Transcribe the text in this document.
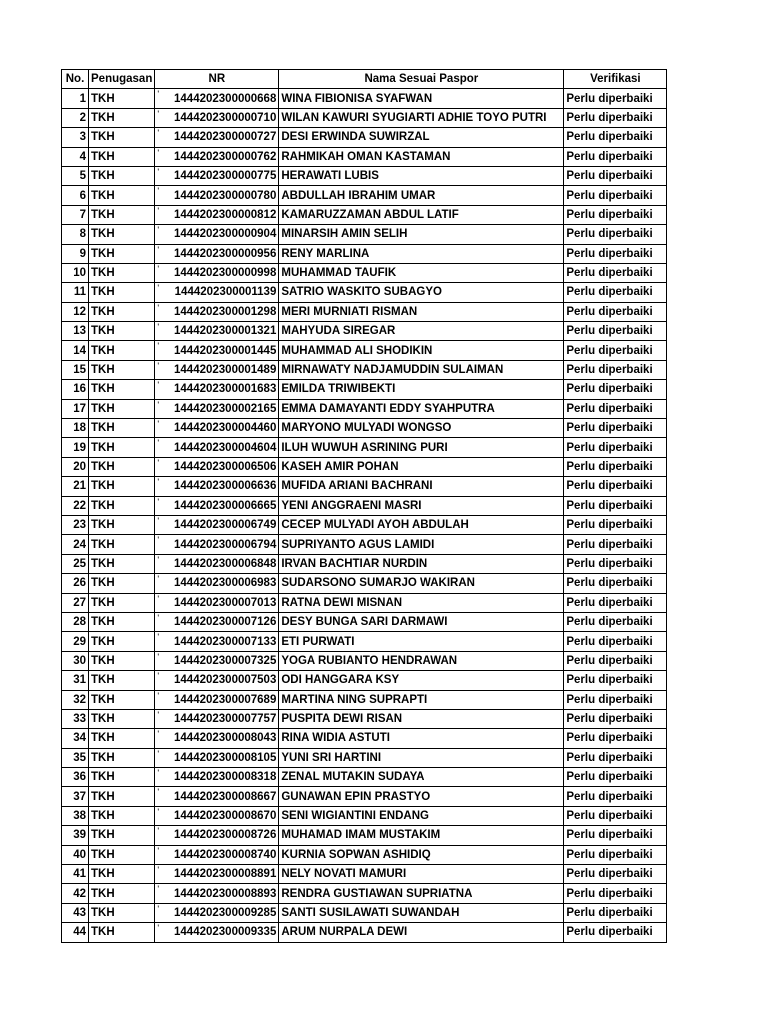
No.	Penugasan	NR	Nama Sesuai Paspor	Verifikasi
1	TKH	' 1444202300000668	WINA FIBIONISA SYAFWAN	Perlu diperbaiki
2	TKH	' 1444202300000710	WILAN KAWURI SYUGIARTI ADHIE TOYO PUTRI	Perlu diperbaiki
3	TKH	' 1444202300000727	DESI ERWINDA SUWIRZAL	Perlu diperbaiki
4	TKH	' 1444202300000762	RAHMIKAH OMAN KASTAMAN	Perlu diperbaiki
5	TKH	' 1444202300000775	HERAWATI LUBIS	Perlu diperbaiki
6	TKH	' 1444202300000780	ABDULLAH IBRAHIM UMAR	Perlu diperbaiki
7	TKH	' 1444202300000812	KAMARUZZAMAN ABDUL LATIF	Perlu diperbaiki
8	TKH	' 1444202300000904	MINARSIH AMIN SELIH	Perlu diperbaiki
9	TKH	' 1444202300000956	RENY MARLINA	Perlu diperbaiki
10	TKH	' 1444202300000998	MUHAMMAD TAUFIK	Perlu diperbaiki
11	TKH	' 1444202300001139	SATRIO WASKITO SUBAGYO	Perlu diperbaiki
12	TKH	' 1444202300001298	MERI MURNIATI RISMAN	Perlu diperbaiki
13	TKH	' 1444202300001321	MAHYUDA SIREGAR	Perlu diperbaiki
14	TKH	' 1444202300001445	MUHAMMAD ALI SHODIKIN	Perlu diperbaiki
15	TKH	' 1444202300001489	MIRNAWATY NADJAMUDDIN SULAIMAN	Perlu diperbaiki
16	TKH	' 1444202300001683	EMILDA TRIWIBEKTI	Perlu diperbaiki
17	TKH	' 1444202300002165	EMMA DAMAYANTI EDDY SYAHPUTRA	Perlu diperbaiki
18	TKH	' 1444202300004460	MARYONO MULYADI WONGSO	Perlu diperbaiki
19	TKH	' 1444202300004604	ILUH WUWUH ASRINING PURI	Perlu diperbaiki
20	TKH	' 1444202300006506	KASEH AMIR POHAN	Perlu diperbaiki
21	TKH	' 1444202300006636	MUFIDA ARIANI BACHRANI	Perlu diperbaiki
22	TKH	' 1444202300006665	YENI ANGGRAENI MASRI	Perlu diperbaiki
23	TKH	' 1444202300006749	CECEP MULYADI AYOH ABDULAH	Perlu diperbaiki
24	TKH	' 1444202300006794	SUPRIYANTO AGUS LAMIDI	Perlu diperbaiki
25	TKH	' 1444202300006848	IRVAN BACHTIAR NURDIN	Perlu diperbaiki
26	TKH	' 1444202300006983	SUDARSONO SUMARJO WAKIRAN	Perlu diperbaiki
27	TKH	' 1444202300007013	RATNA DEWI MISNAN	Perlu diperbaiki
28	TKH	' 1444202300007126	DESY BUNGA SARI DARMAWI	Perlu diperbaiki
29	TKH	' 1444202300007133	ETI PURWATI	Perlu diperbaiki
30	TKH	' 1444202300007325	YOGA RUBIANTO HENDRAWAN	Perlu diperbaiki
31	TKH	' 1444202300007503	ODI HANGGARA KSY	Perlu diperbaiki
32	TKH	' 1444202300007689	MARTINA NING SUPRAPTI	Perlu diperbaiki
33	TKH	' 1444202300007757	PUSPITA DEWI RISAN	Perlu diperbaiki
34	TKH	' 1444202300008043	RINA WIDIA ASTUTI	Perlu diperbaiki
35	TKH	' 1444202300008105	YUNI SRI HARTINI	Perlu diperbaiki
36	TKH	' 1444202300008318	ZENAL MUTAKIN SUDAYA	Perlu diperbaiki
37	TKH	' 1444202300008667	GUNAWAN EPIN PRASTYO	Perlu diperbaiki
38	TKH	' 1444202300008670	SENI WIGIANTINI ENDANG	Perlu diperbaiki
39	TKH	' 1444202300008726	MUHAMAD IMAM MUSTAKIM	Perlu diperbaiki
40	TKH	' 1444202300008740	KURNIA SOPWAN ASHIDIQ	Perlu diperbaiki
41	TKH	' 1444202300008891	NELY NOVATI MAMURI	Perlu diperbaiki
42	TKH	' 1444202300008893	RENDRA GUSTIAWAN SUPRIATNA	Perlu diperbaiki
43	TKH	' 1444202300009285	SANTI SUSILAWATI SUWANDAH	Perlu diperbaiki
44	TKH	' 1444202300009335	ARUM NURPALA DEWI	Perlu diperbaiki
